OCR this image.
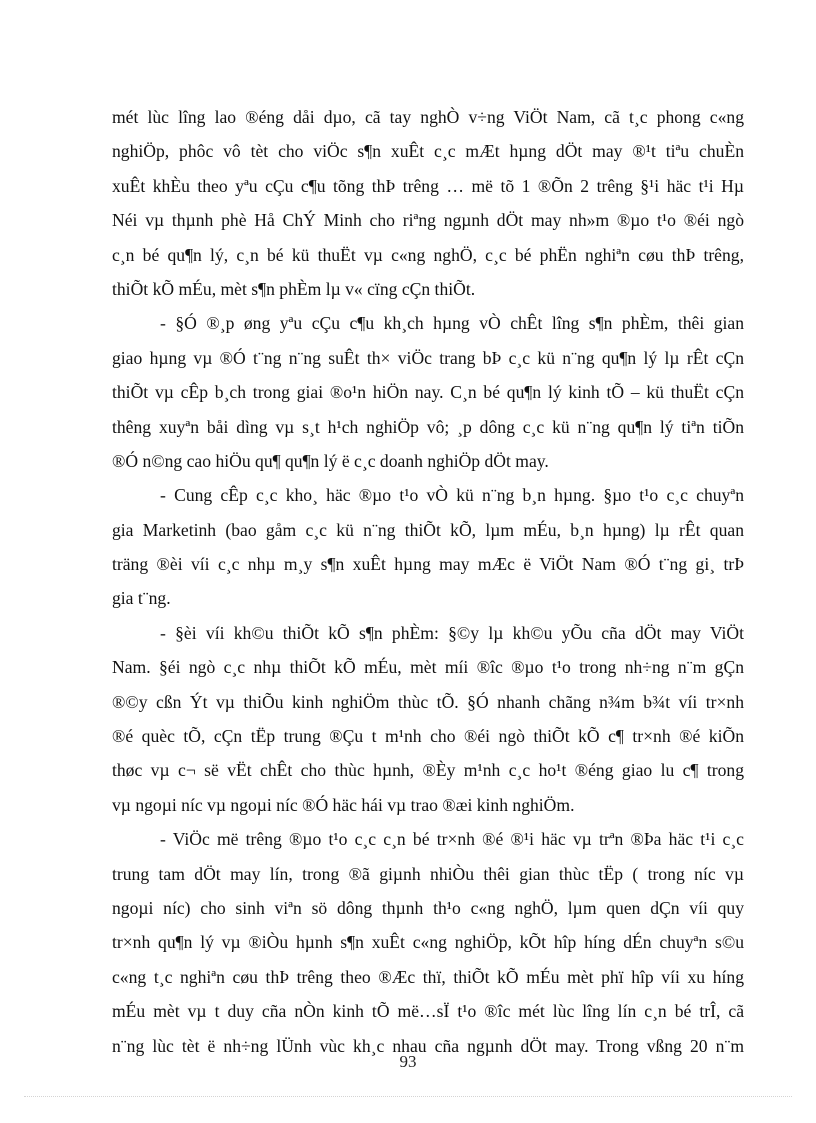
mét lùc lîng lao ®éng dåi dµo, cã tay nghÒ v÷ng ViÖt Nam, cã t¸c phong c«ng
nghiÖp, phôc vô tèt cho viÖc s¶n xuÊt c¸c mÆt hµng dÖt may ®¹t tiªu chuÈn
xuÊt khÈu theo yªu cÇu c¶u tõng thÞ trêng … më tõ 1 ®Õn 2 trêng §¹i häc t¹i Hµ
Néi vµ thµnh phè Hå ChÝ Minh cho riªng ngµnh dÖt may nh»m ®µo t¹o ®éi ngò
c¸n bé qu¶n lý, c¸n bé kü thuËt vµ c«ng nghÖ, c¸c bé phËn nghiªn cøu thÞ trêng,
thiÕt kÕ mÉu, mèt s¶n phÈm lµ v« cïng cÇn thiÕt.
- §Ó ®¸p øng yªu cÇu c¶u kh¸ch hµng vÒ chÊt lîng s¶n phÈm, thêi gian
giao hµng vµ ®Ó t¨ng n¨ng suÊt th× viÖc trang bÞ c¸c kü n¨ng qu¶n lý lµ rÊt cÇn
thiÕt vµ cÊp b¸ch trong giai ®o¹n hiÖn nay. C¸n bé qu¶n lý kinh tÕ – kü thuËt cÇn
thêng xuyªn båi dìng vµ s¸t h¹ch nghiÖp vô; ¸p dông c¸c kü n¨ng qu¶n lý tiªn tiÕn
®Ó n©ng cao hiÖu qu¶ qu¶n lý ë c¸c doanh nghiÖp dÖt may.
- Cung cÊp c¸c kho¸ häc ®µo t¹o vÒ kü n¨ng b¸n hµng. §µo t¹o c¸c chuyªn
gia Marketinh (bao gåm c¸c kü n¨ng thiÕt kÕ, lµm mÉu, b¸n hµng) lµ rÊt quan
träng ®èi víi c¸c nhµ m¸y s¶n xuÊt hµng may mÆc ë ViÖt Nam ®Ó t¨ng gi¸ trÞ
gia t¨ng.
- §èi víi kh©u thiÕt kÕ s¶n phÈm: §©y lµ kh©u yÕu cña dÖt may ViÖt
Nam. §éi ngò c¸c nhµ thiÕt kÕ mÉu, mèt míi ®îc ®µo t¹o trong nh÷ng n¨m gÇn
®©y cßn Ýt vµ thiÕu kinh nghiÖm thùc tÕ. §Ó nhanh chãng n¾m b¾t víi tr×nh
®é quèc tÕ, cÇn tËp trung ®Çu t m¹nh cho ®éi ngò thiÕt kÕ c¶ tr×nh ®é kiÕn
thøc vµ c¬ së vËt chÊt cho thùc hµnh, ®Èy m¹nh c¸c ho¹t ®éng giao lu c¶ trong
vµ ngoµi níc vµ ngoµi níc ®Ó häc hái vµ trao ®æi kinh nghiÖm.
- ViÖc më trêng ®µo t¹o c¸c c¸n bé tr×nh ®é ®¹i häc vµ trªn ®Þa häc t¹i c¸c
trung tam dÖt may lín, trong ®ã giµnh nhiÒu thêi gian thùc tËp ( trong níc vµ
ngoµi níc) cho sinh viªn sö dông thµnh th¹o c«ng nghÖ, lµm quen dÇn víi quy
tr×nh qu¶n lý vµ ®iÒu hµnh s¶n xuÊt c«ng nghiÖp, kÕt hîp híng dÉn chuyªn s©u
c«ng t¸c nghiªn cøu thÞ trêng theo ®Æc thï, thiÕt kÕ mÉu mèt phï hîp víi xu híng
mÉu mèt vµ t duy cña nÒn kinh tÕ më…sÏ t¹o ®îc mét lùc lîng lín c¸n bé trÎ, cã
n¨ng lùc tèt ë nh÷ng lÜnh vùc kh¸c nhau cña ngµnh dÖt may. Trong vßng 20 n¨m
93
